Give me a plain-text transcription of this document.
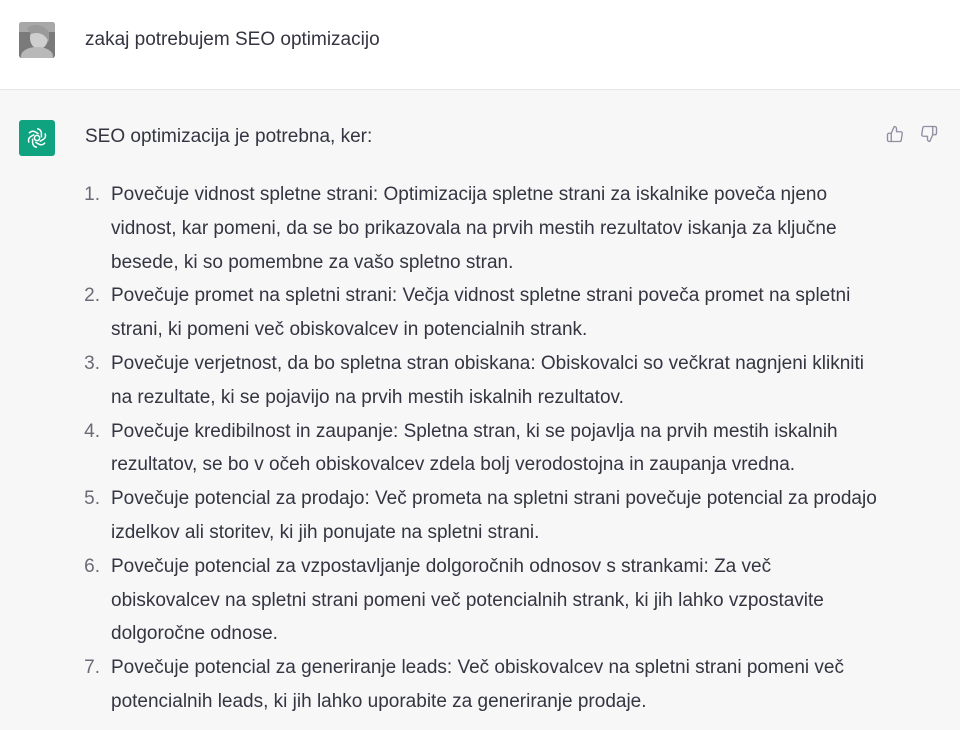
zakaj potrebujem SEO optimizacijo
SEO optimizacija je potrebna, ker:
1. Povečuje vidnost spletne strani: Optimizacija spletne strani za iskalnike poveča njeno vidnost, kar pomeni, da se bo prikazovala na prvih mestih rezultatov iskanja za ključne besede, ki so pomembne za vašo spletno stran.
2. Povečuje promet na spletni strani: Večja vidnost spletne strani poveča promet na spletni strani, ki pomeni več obiskovalcev in potencialnih strank.
3. Povečuje verjetnost, da bo spletna stran obiskana: Obiskovalci so večkrat nagnjeni klikniti na rezultate, ki se pojavijo na prvih mestih iskalnih rezultatov.
4. Povečuje kredibilnost in zaupanje: Spletna stran, ki se pojavlja na prvih mestih iskalnih rezultatov, se bo v očeh obiskovalcev zdela bolj verodostojna in zaupanja vredna.
5. Povečuje potencial za prodajo: Več prometa na spletni strani povečuje potencial za prodajo izdelkov ali storitev, ki jih ponujate na spletni strani.
6. Povečuje potencial za vzpostavljanje dolgoročnih odnosov s strankami: Za več obiskovalcev na spletni strani pomeni več potencialnih strank, ki jih lahko vzpostavite dolgoročne odnose.
7. Povečuje potencial za generiranje leads: Več obiskovalcev na spletni strani pomeni več potencialnih leads, ki jih lahko uporabite za generiranje prodaje.
